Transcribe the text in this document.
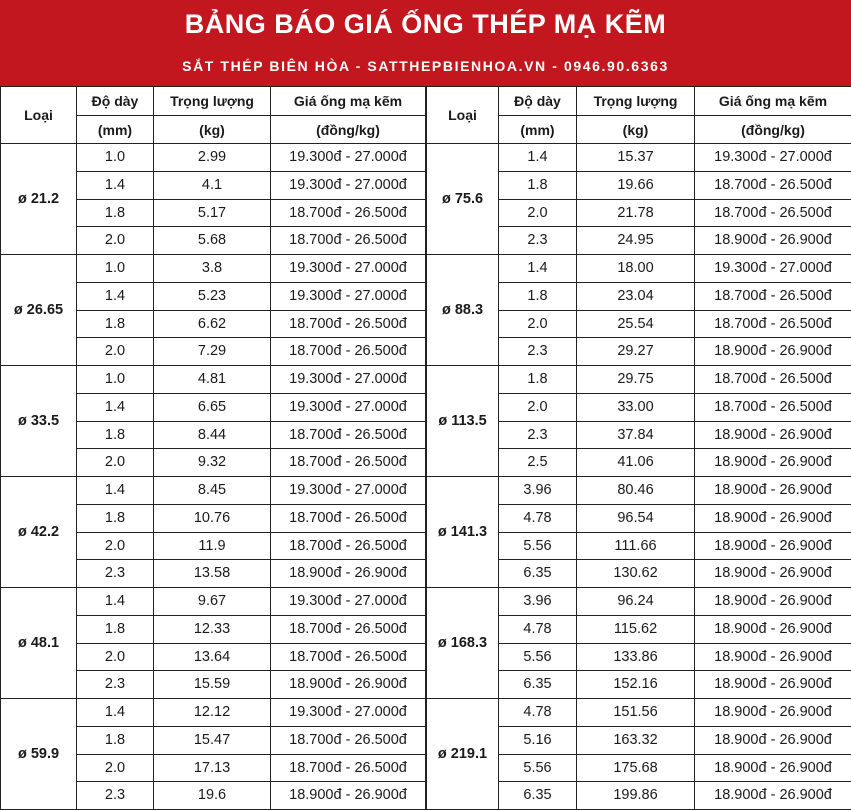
BẢNG BÁO GIÁ ỐNG THÉP MẠ KẼM
SẮT THÉP BIÊN HÒA - SATTHEPBIENHOA.VN - 0946.90.6363
Loại	Độ dày	Trọng lượng	Giá ống mạ kẽm
	(mm)	(kg)	(đồng/kg)
ø 21.2	1.0	2.99	19.300đ - 27.000đ
	1.4	4.1	19.300đ - 27.000đ
	1.8	5.17	18.700đ - 26.500đ
	2.0	5.68	18.700đ - 26.500đ
ø 26.65	1.0	3.8	19.300đ - 27.000đ
	1.4	5.23	19.300đ - 27.000đ
	1.8	6.62	18.700đ - 26.500đ
	2.0	7.29	18.700đ - 26.500đ
ø 33.5	1.0	4.81	19.300đ - 27.000đ
	1.4	6.65	19.300đ - 27.000đ
	1.8	8.44	18.700đ - 26.500đ
	2.0	9.32	18.700đ - 26.500đ
ø 42.2	1.4	8.45	19.300đ - 27.000đ
	1.8	10.76	18.700đ - 26.500đ
	2.0	11.9	18.700đ - 26.500đ
	2.3	13.58	18.900đ - 26.900đ
ø 48.1	1.4	9.67	19.300đ - 27.000đ
	1.8	12.33	18.700đ - 26.500đ
	2.0	13.64	18.700đ - 26.500đ
	2.3	15.59	18.900đ - 26.900đ
ø 59.9	1.4	12.12	19.300đ - 27.000đ
	1.8	15.47	18.700đ - 26.500đ
	2.0	17.13	18.700đ - 26.500đ
	2.3	19.6	18.900đ - 26.900đ
Loại	Độ dày	Trọng lượng	Giá ống mạ kẽm
	(mm)	(kg)	(đồng/kg)
ø 75.6	1.4	15.37	19.300đ - 27.000đ
	1.8	19.66	18.700đ - 26.500đ
	2.0	21.78	18.700đ - 26.500đ
	2.3	24.95	18.900đ - 26.900đ
ø 88.3	1.4	18.00	19.300đ - 27.000đ
	1.8	23.04	18.700đ - 26.500đ
	2.0	25.54	18.700đ - 26.500đ
	2.3	29.27	18.900đ - 26.900đ
ø 113.5	1.8	29.75	18.700đ - 26.500đ
	2.0	33.00	18.700đ - 26.500đ
	2.3	37.84	18.900đ - 26.900đ
	2.5	41.06	18.900đ - 26.900đ
ø 141.3	3.96	80.46	18.900đ - 26.900đ
	4.78	96.54	18.900đ - 26.900đ
	5.56	111.66	18.900đ - 26.900đ
	6.35	130.62	18.900đ - 26.900đ
ø 168.3	3.96	96.24	18.900đ - 26.900đ
	4.78	115.62	18.900đ - 26.900đ
	5.56	133.86	18.900đ - 26.900đ
	6.35	152.16	18.900đ - 26.900đ
ø 219.1	4.78	151.56	18.900đ - 26.900đ
	5.16	163.32	18.900đ - 26.900đ
	5.56	175.68	18.900đ - 26.900đ
	6.35	199.86	18.900đ - 26.900đ
